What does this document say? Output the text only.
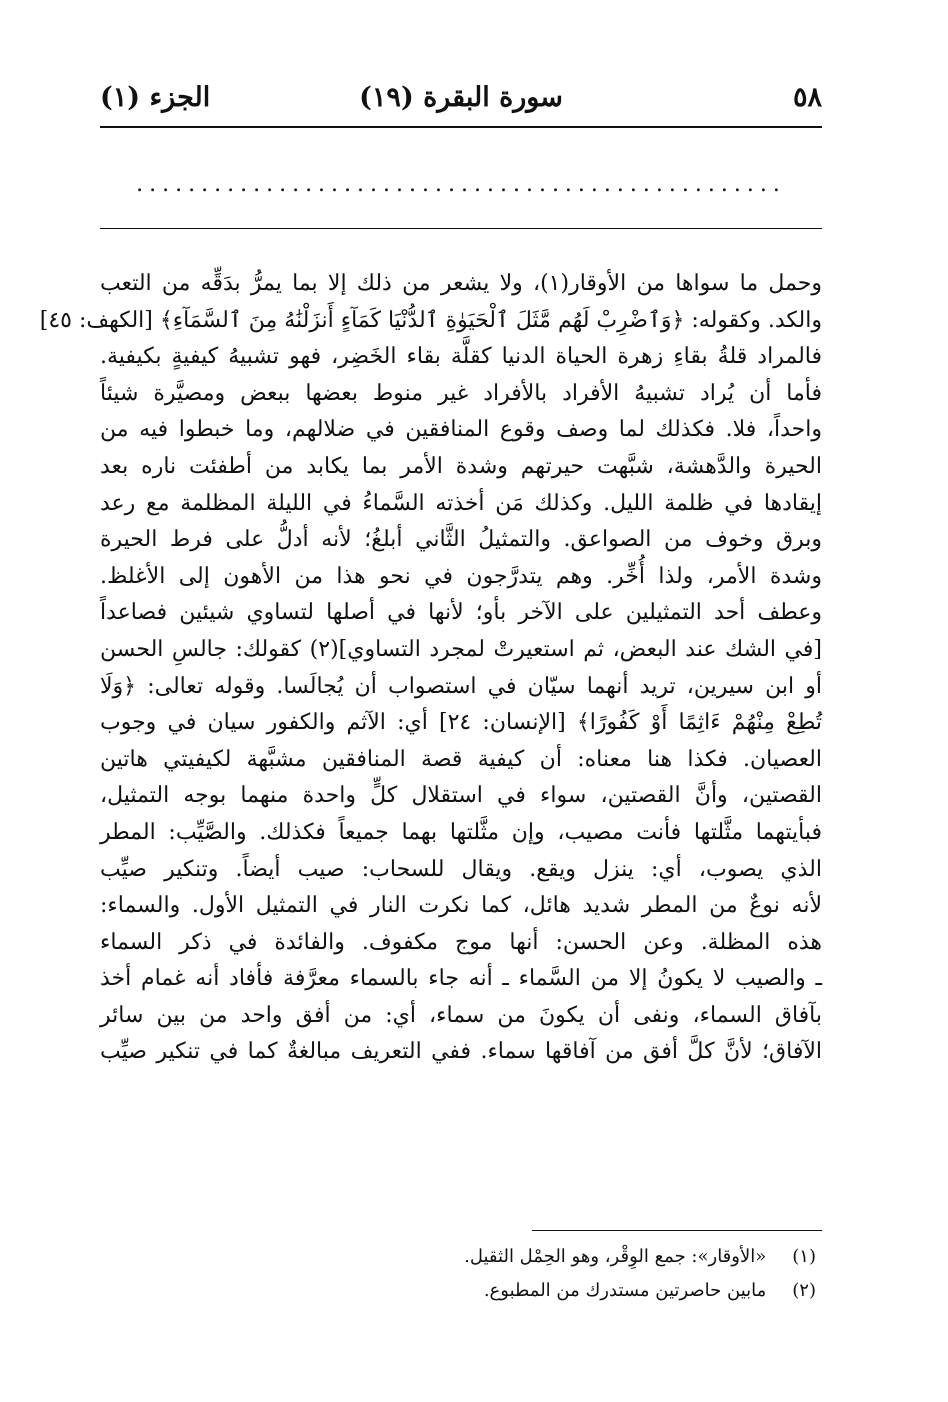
٥٨
سورة البقرة (١٩)
الجزء (١)
..................................................
وحمل ما سواها من الأوقار(١)، ولا يشعر من ذلك إلا بما يمرُّ بدَقِّه من التعب
والكد. وكقوله: ﴿وَٱضْرِبْ لَهُم مَّثَلَ ٱلْحَيَوٰةِ ٱلدُّنْيَا كَمَآءٍ أَنزَلْنَٰهُ مِنَ ٱلسَّمَآءِ﴾ [الكهف: ٤٥]
فالمراد قلةُ بقاءِ زهرة الحياة الدنيا كقلَّة بقاء الخَضِر، فهو تشبيهُ كيفيةٍ بكيفية.
فأما أن يُراد تشبيهُ الأفراد بالأفراد غير منوط بعضها ببعض ومصيَّرة شيئاً
واحداً، فلا. فكذلك لما وصف وقوع المنافقين في ضلالهم، وما خبطوا فيه من
الحيرة والدَّهشة، شبَّهت حيرتهم وشدة الأمر بما يكابد من أطفئت ناره بعد
إيقادها في ظلمة الليل. وكذلك مَن أخذته السَّماءُ في الليلة المظلمة مع رعد
وبرق وخوف من الصواعق. والتمثيلُ الثَّاني أبلغُ؛ لأنه أدلُّ على فرط الحيرة
وشدة الأمر، ولذا أُخِّر. وهم يتدرَّجون في نحو هذا من الأهون إلى الأغلظ.
وعطف أحد التمثيلين على الآخر بأو؛ لأنها في أصلها لتساوي شيئين فصاعداً
[في الشك عند البعض، ثم استعيرتْ لمجرد التساوي](٢) كقولك: جالسِ الحسن
أو ابن سيرين، تريد أنهما سيّان في استصواب أن يُجالَسا. وقوله تعالى: ﴿وَلَا
تُطِعْ مِنْهُمْ ءَاثِمًا أَوْ كَفُورًا﴾ [الإنسان: ٢٤] أي: الآثم والكفور سيان في وجوب
العصيان. فكذا هنا معناه: أن كيفية قصة المنافقين مشبَّهة لكيفيتي هاتين
القصتين، وأنَّ القصتين، سواء في استقلال كلٍّ واحدة منهما بوجه التمثيل،
فبأيتهما مثَّلتها فأنت مصيب، وإن مثَّلتها بهما جميعاً فكذلك. والصَّيِّب: المطر
الذي يصوب، أي: ينزل ويقع. ويقال للسحاب: صيب أيضاً. وتنكير صيِّب
لأنه نوعٌ من المطر شديد هائل، كما نكرت النار في التمثيل الأول. والسماء:
هذه المظلة. وعن الحسن: أنها موج مكفوف. والفائدة في ذكر السماء
ـ والصيب لا يكونُ إلا من السَّماء ـ أنه جاء بالسماء معرَّفة فأفاد أنه غمام أخذ
بآفاق السماء، ونفى أن يكونَ من سماء، أي: من أفق واحد من بين سائر
الآفاق؛ لأنَّ كلَّ أفق من آفاقها سماء. ففي التعريف مبالغةٌ كما في تنكير صيِّب
(١) «الأوقار»: جمع الوِقْر، وهو الحِمْل الثقيل.
(٢) مابين حاصرتين مستدرك من المطبوع.
